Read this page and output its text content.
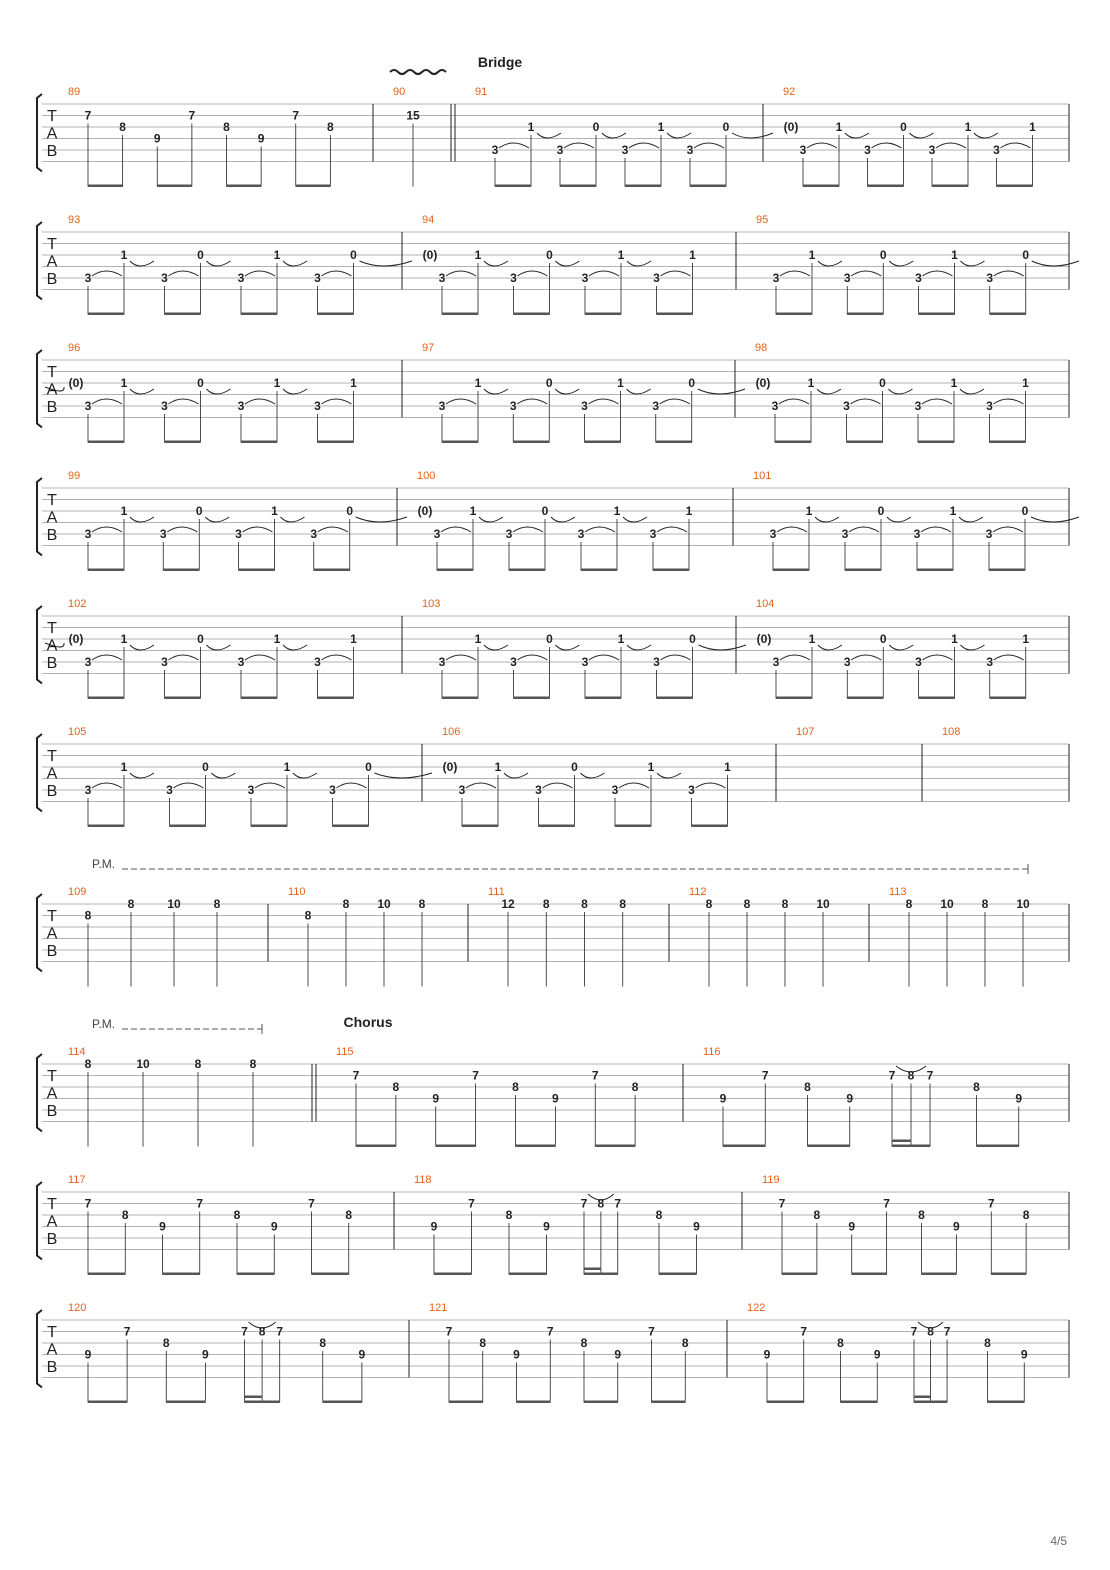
T
A
B
89
7
8
9
7
8
9
7
8
90
15
91
3
1
3
0
3
1
3
0
92
(0)
3
1
3
0
3
1
3
1
Bridge
T
A
B
93
3
1
3
0
3
1
3
0
94
(0)
3
1
3
0
3
1
3
1
95
3
1
3
0
3
1
3
0
T
A
B
96
(0)
3
1
3
0
3
1
3
1
97
3
1
3
0
3
1
3
0
98
(0)
3
1
3
0
3
1
3
1
T
A
B
99
3
1
3
0
3
1
3
0
100
(0)
3
1
3
0
3
1
3
1
101
3
1
3
0
3
1
3
0
T
A
B
102
(0)
3
1
3
0
3
1
3
1
103
3
1
3
0
3
1
3
0
104
(0)
3
1
3
0
3
1
3
1
T
A
B
105
3
1
3
0
3
1
3
0
106
(0)
3
1
3
0
3
1
3
1
107	108
T
A
B
109
8
8	10	8
110
8
8 10 8
111
12 8	8	8
112
8	8	8 10
113
8 10 8 10
P.M.
T
A
B
114
8	10	8	8
115
7
8
9
7
8
9
7
8
116
9
7
8
9
7 8 7
8
9
Chorus
P.M.
T
A
B
117
7
8
9
7
8
9
7
8
118
9
7
8
9
7 8 7
8
9
119
7
8
9
7
8
9
7
8
T
A
B
120
9
7
8
9
7 8 7
8
9
121
7
8
9
7
8
9
7
8
122
9
7
8
9
7 8 7
8
9
4/5
